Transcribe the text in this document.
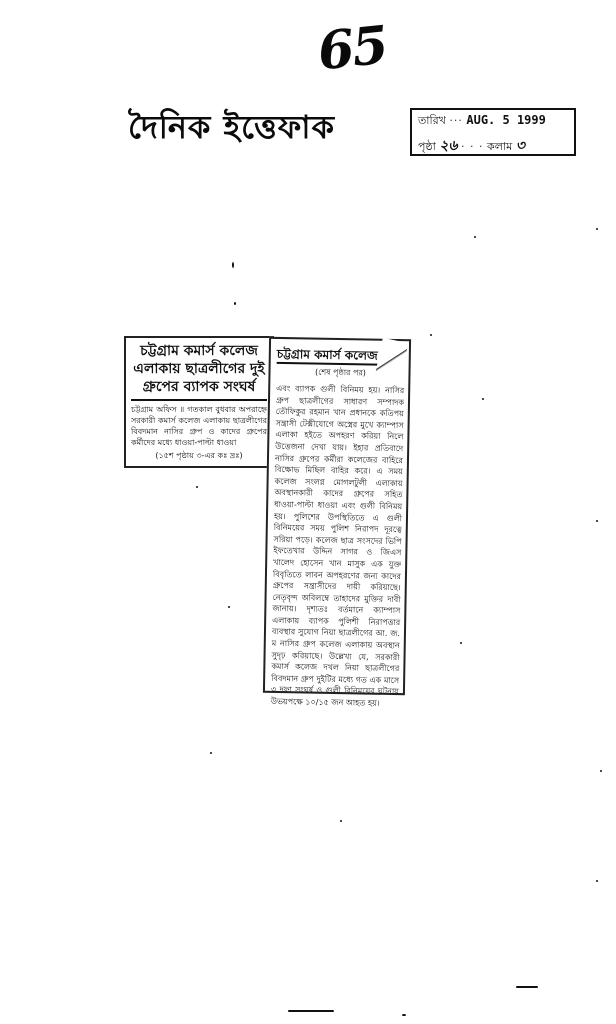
65
দৈনিক ইত্তেফাক	তারিখ ··· AUG. 5 1999
পৃষ্ঠা ২৬ · · · কলাম ৩
চট্টগ্রাম কমার্স কলেজ এলাকায় ছাত্রলীগের দুই গ্রুপের ব্যাপক সংঘর্ষ
চট্টগ্রাম অফিস ॥ গতকাল বুধবার অপরাহ্নে সরকারী কমার্স কলেজ এলাকায় ছাত্রলীগের বিবদমান নাসির গ্রুপ ও কাদের গ্রুপের কর্মীদের মধ্যে ধাওয়া-পাল্টা ধাওয়া
(১৫শ পৃষ্ঠায় ৩-এর কঃ দ্রঃ)
চট্টগ্রাম কমার্স কলেজ
(শেষ পৃষ্ঠার পর)
এবং ব্যাপক গুলী বিনিময় হয়। নাসির গ্রুপ ছাত্রলীগের সাধারণ সম্পাদক তৌফিকুর রহমান খান প্রধানকে কতিপয় সন্ত্রাসী টেক্সীযোগে অস্ত্রের মুখে ক্যাম্পাস এলাকা হইতে অপহরণ করিয়া নিলে উত্তেজনা দেখা যায়। ইহার প্রতিবাদে নাসির গ্রুপের কর্মীরা কলেজের বাহিরে বিক্ষোভ মিছিল বাহির করে। এ সময় কলেজ সংলগ্ন মোগলটুলী এলাকায় অবস্থানকারী কাদের গ্রুপের সহিত ধাওয়া-পাল্টা ধাওয়া এবং গুলী বিনিময় হয়। পুলিশের উপস্থিতিতে এ গুলী বিনিময়ের সময় পুলিশ নিরাপদ দূরত্বে সরিয়া পড়ে। কলেজ ছাত্র সংসদের ভিপি ইফতেখার উদ্দিন সাগর ও জিএস খালেদ হোসেন খান মাসুক এক যুক্ত বিবৃতিতে লাবন অপহরণের জন্য কাদের গ্রুপের সন্ত্রাসীদের দায়ী করিয়াছে। নেতৃবৃন্দ অবিলম্বে তাহাদের মুক্তির দাবী জানায়। দৃশ্যতঃ বর্তমানে ক্যাম্পাস এলাকায় ব্যাপক পুলিশী নিরাপত্তার ব্যবস্থার সুযোগ নিয়া ছাত্রলীগের আ. জ. ম নাসির গ্রুপ কলেজ এলাকায় অবস্থান সুদৃঢ় করিয়াছে। উল্লেখ্য যে, সরকারী কমার্স কলেজ দখল নিয়া ছাত্রলীগের বিবদমান গ্রুপ দুইটির মধ্যে গত এক মাসে ৩ দফা সংঘর্ষ ও গুলী বিনিময়ের ঘটনায় উভয়পক্ষে ১০/১৫ জন আহত হয়।
